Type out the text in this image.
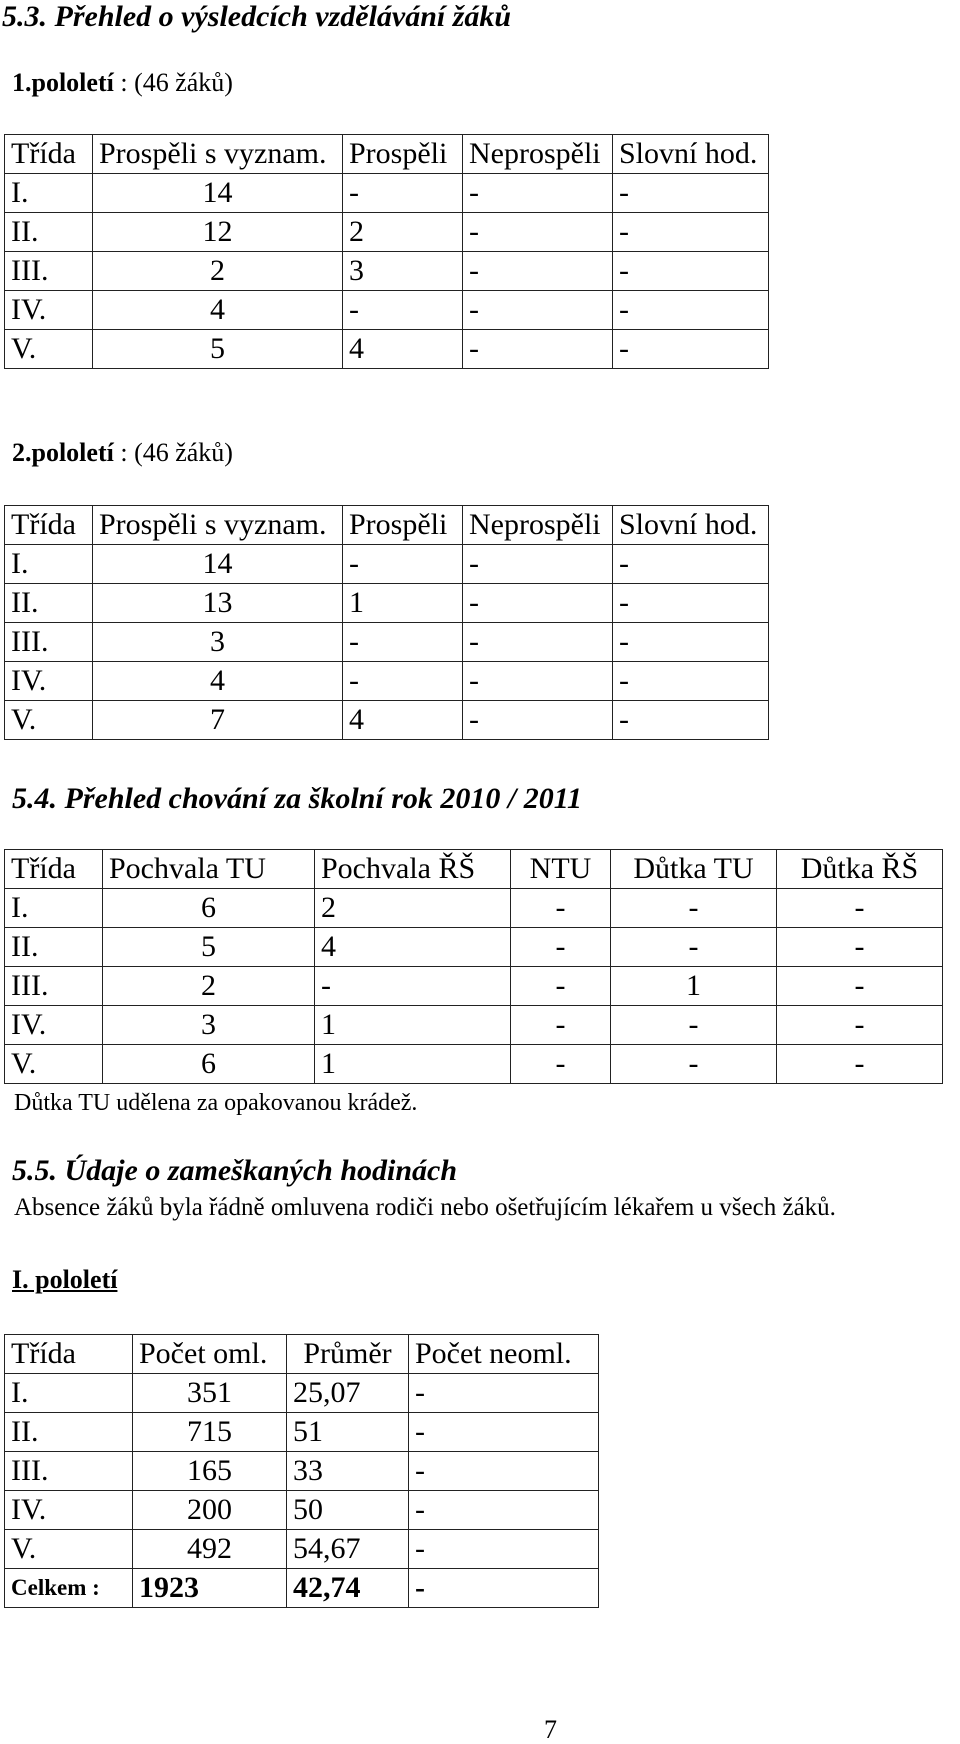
5.3. Přehled o výsledcích vzdělávání žáků
1.pololetí : (46 žáků)
Třída	Prospěli s vyznam.	Prospěli	Neprospěli	Slovní hod.
I.	14	-	-	-
II.	12	2	-	-
III.	2	3	-	-
IV.	4	-	-	-
V.	5	4	-	-
2.pololetí : (46 žáků)
Třída	Prospěli s vyznam.	Prospěli	Neprospěli	Slovní hod.
I.	14	-	-	-
II.	13	1	-	-
III.	3	-	-	-
IV.	4	-	-	-
V.	7	4	-	-
5.4. Přehled chování za školní rok 2010 / 2011
Třída	Pochvala TU	Pochvala ŘŠ	NTU	Důtka TU	Důtka ŘŠ
I.	6	2	-	-	-
II.	5	4	-	-	-
III.	2	-	-	1	-
IV.	3	1	-	-	-
V.	6	1	-	-	-
Důtka TU udělena za opakovanou krádež.
5.5. Údaje o zameškaných hodinách
Absence žáků byla řádně omluvena rodiči nebo ošetřujícím lékařem u všech žáků.
I. pololetí
Třída	Počet oml.	Průměr	Počet neoml.
I.	351	25,07	-
II.	715	51	-
III.	165	33	-
IV.	200	50	-
V.	492	54,67	-
Celkem :	1923	42,74	-
7
